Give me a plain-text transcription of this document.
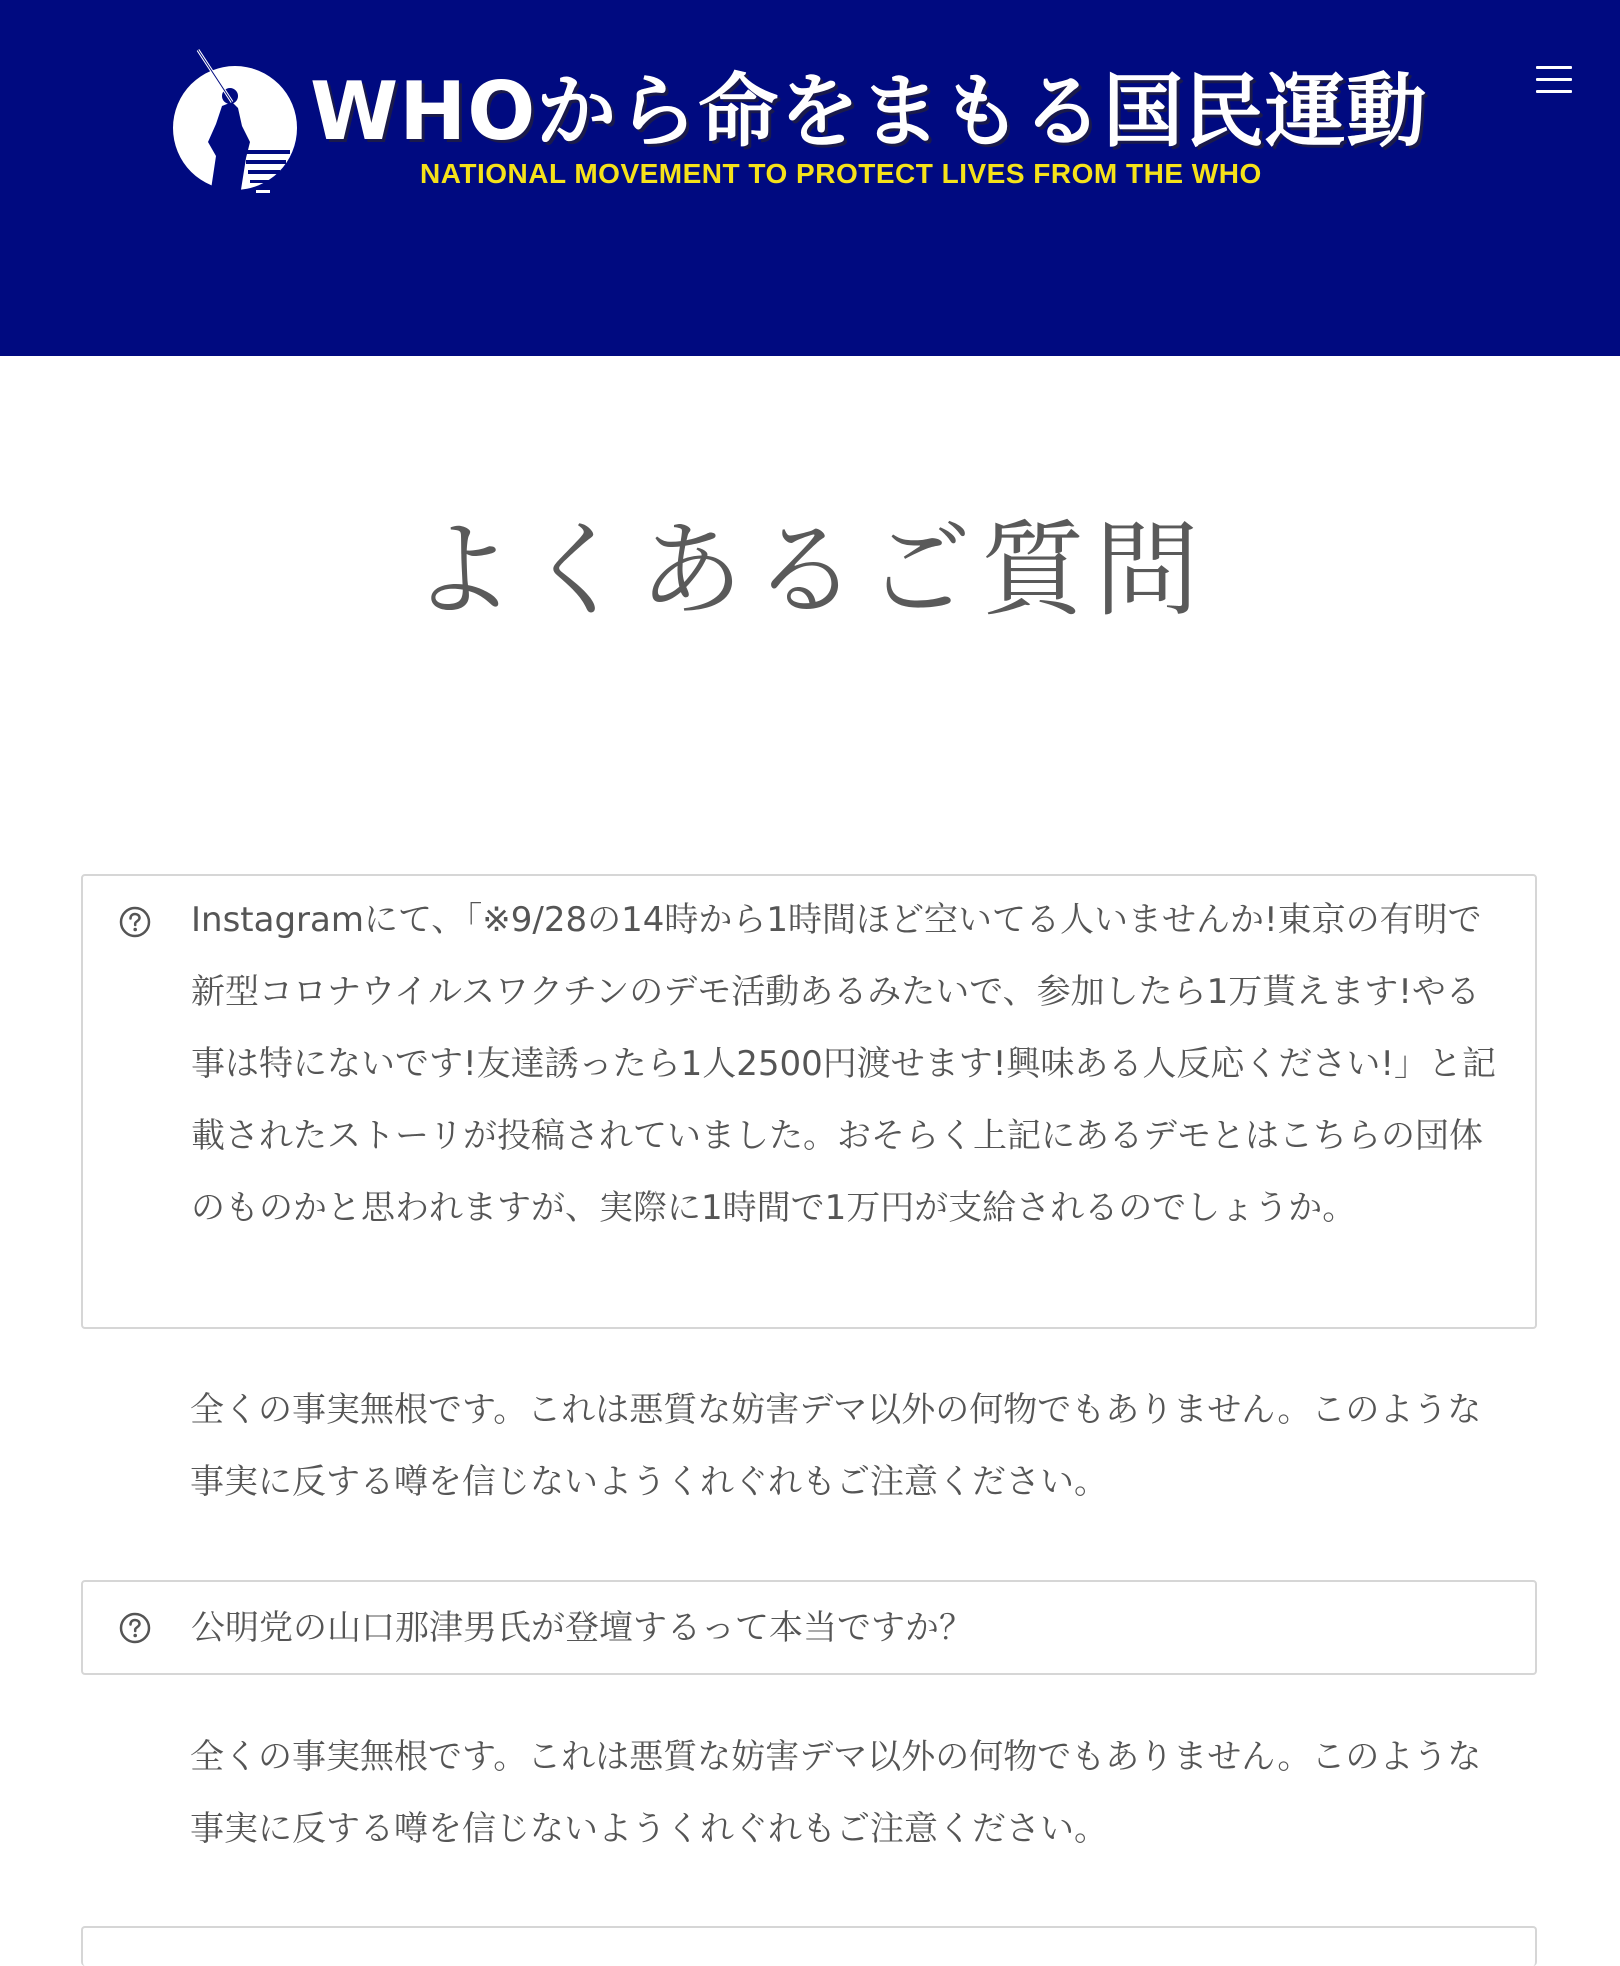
WHOから命をまもる国民運動
NATIONAL MOVEMENT TO PROTECT LIVES FROM THE WHO
よくあるご質問
Instagramにて、「※9/28の14時から1時間ほど空いてる人いませんか!東京の有明で新型コロナウイルスワクチンのデモ活動あるみたいで、参加したら1万貰えます!やる事は特にないです!友達誘ったら1人2500円渡せます!興味ある人反応ください!」と記載されたストーリが投稿されていました。おそらく上記にあるデモとはこちらの団体のものかと思われますが、実際に1時間で1万円が支給されるのでしょうか。
全くの事実無根です。これは悪質な妨害デマ以外の何物でもありません。このような事実に反する噂を信じないようくれぐれもご注意ください。
公明党の山口那津男氏が登壇するって本当ですか？
全くの事実無根です。これは悪質な妨害デマ以外の何物でもありません。このような事実に反する噂を信じないようくれぐれもご注意ください。
